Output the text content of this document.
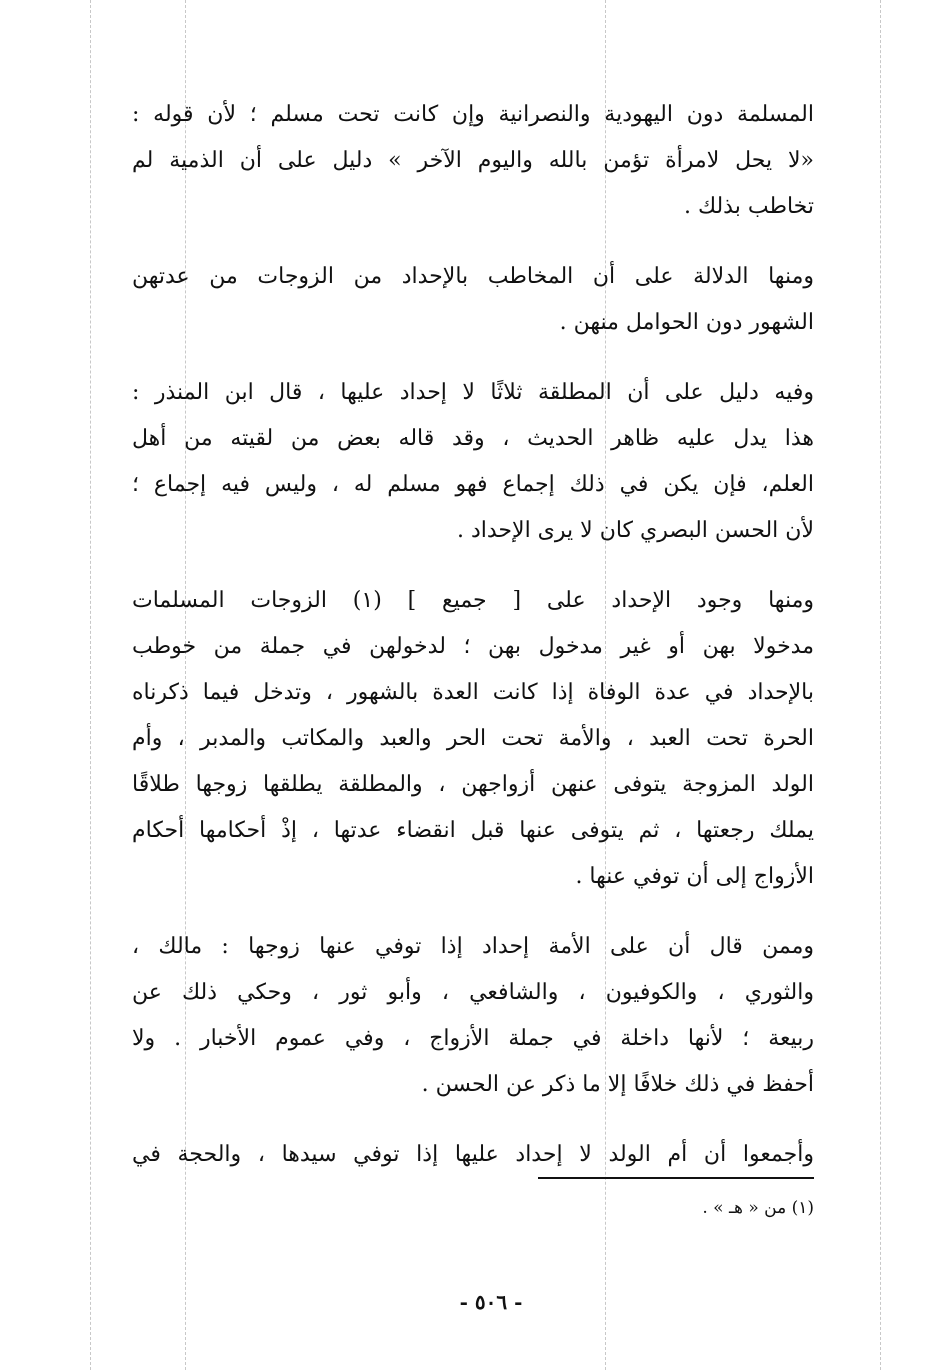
المسلمة دون اليهودية والنصرانية وإن كانت تحت مسلم ؛ لأن قوله :
«لا يحل لامرأة تؤمن بالله واليوم الآخر » دليل على أن الذمية لم
تخاطب بذلك .
ومنها الدلالة على أن المخاطب بالإحداد من الزوجات من عدتهن
الشهور دون الحوامل منهن .
وفيه دليل على أن المطلقة ثلاثًا لا إحداد عليها ، قال ابن المنذر :
هذا يدل عليه ظاهر الحديث ، وقد قاله بعض من لقيته من أهل
العلم، فإن يكن في ذلك إجماع فهو مسلم له ، وليس فيه إجماع ؛
لأن الحسن البصري كان لا يرى الإحداد .
ومنها وجود الإحداد على [ جميع ] (١) الزوجات المسلمات
مدخولا بهن أو غير مدخول بهن ؛ لدخولهن في جملة من خوطب
بالإحداد في عدة الوفاة إذا كانت العدة بالشهور ، وتدخل فيما ذكرناه
الحرة تحت العبد ، والأمة تحت الحر والعبد والمكاتب والمدبر ، وأم
الولد المزوجة يتوفى عنهن أزواجهن ، والمطلقة يطلقها زوجها طلاقًا
يملك رجعتها ، ثم يتوفى عنها قبل انقضاء عدتها ، إذْ أحكامها أحكام
الأزواج إلى أن توفي عنها .
وممن قال أن على الأمة إحداد إذا توفي عنها زوجها : مالك ،
والثوري ، والكوفيون ، والشافعي ، وأبو ثور ، وحكي ذلك عن
ربيعة ؛ لأنها داخلة في جملة الأزواج ، وفي عموم الأخبار . ولا
أحفظ في ذلك خلافًا إلا ما ذكر عن الحسن .
وأجمعوا أن أم الولد لا إحداد عليها إذا توفي سيدها ، والحجة في
(١) من « هـ » .
- ٥٠٦ -
